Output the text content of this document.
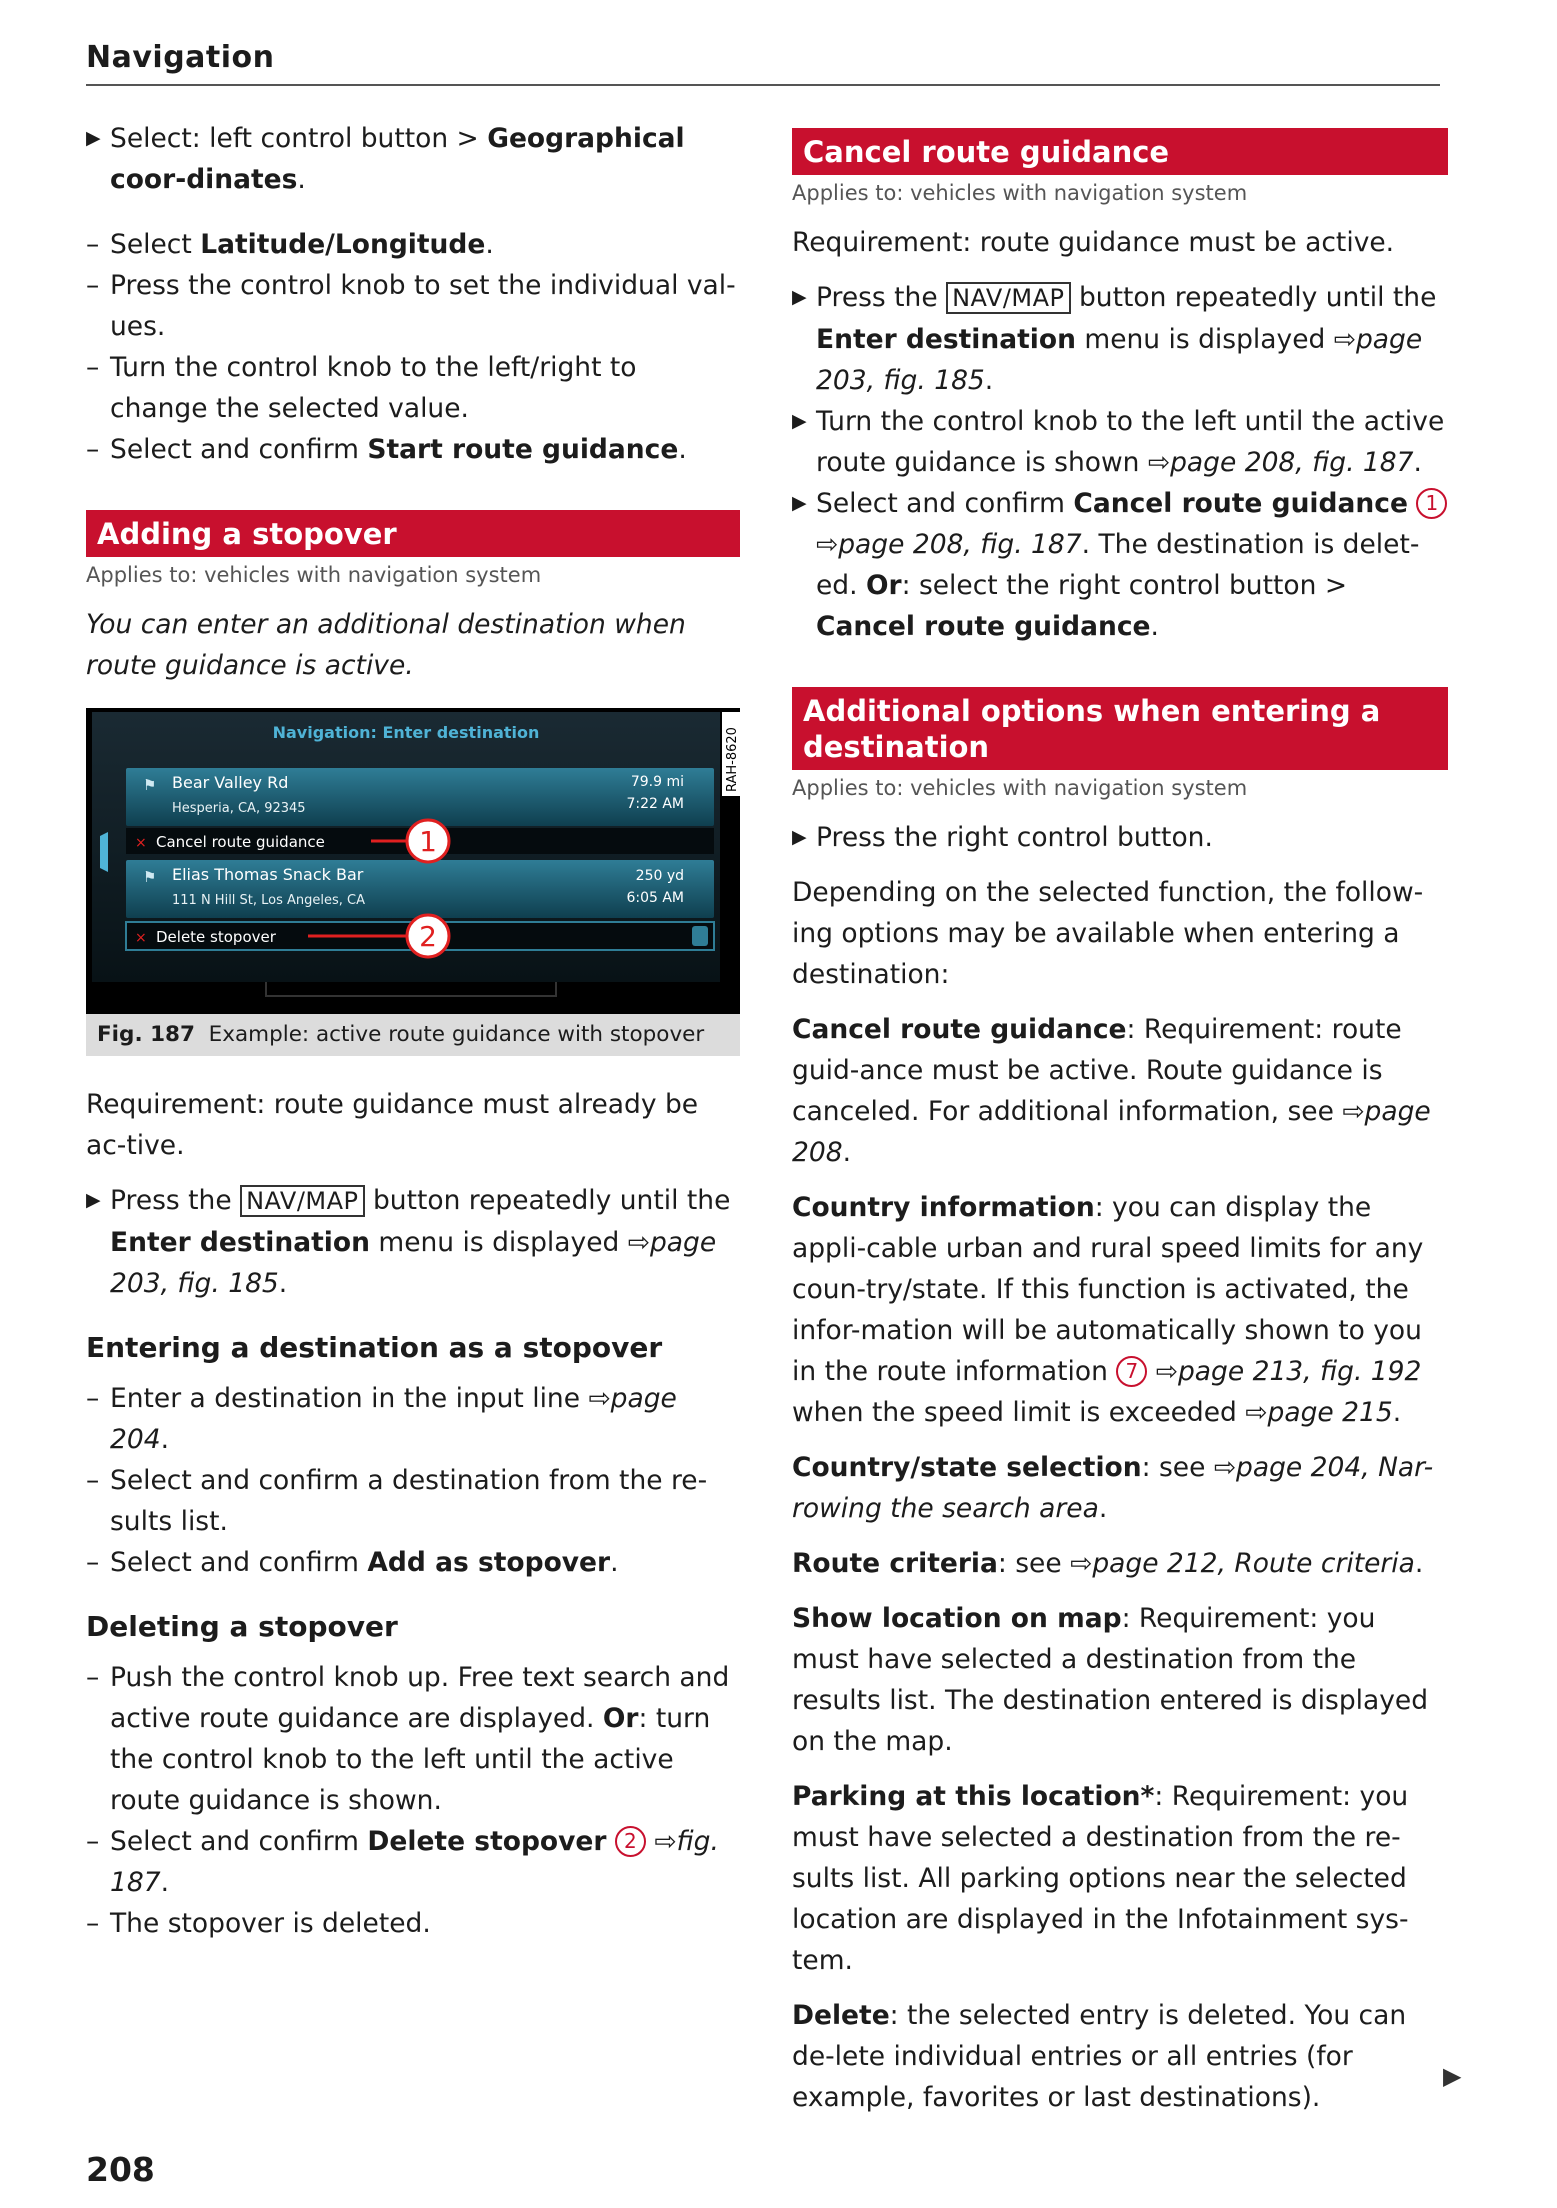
Navigation
▶ Select: left control button > Geographical coor-dinates.
– Select Latitude/Longitude.
– Press the control knob to set the individual val-ues.
– Turn the control knob to the left/right to change the selected value.
– Select and confirm Start route guidance.
Adding a stopover
Applies to: vehicles with navigation system

You can enter an additional destination when route guidance is active.

Navigation: Enter destination	RAH-8620
⚑ Bear Valley Rd
Hesperia, CA, 92345
79.9 mi
7:22 AM
× Cancel route guidance
⚑ Elias Thomas Snack Bar
111 N Hill St, Los Angeles, CA
250 yd
6:05 AM
× Delete stopover
1
2
Fig. 187 Example: active route guidance with stopover

Requirement: route guidance must already be ac-tive.

▶ Press the NAV/MAP button repeatedly until the Enter destination menu is displayed ⇨page 203, fig. 185.
Entering a destination as a stopover
– Enter a destination in the input line ⇨page 204.
– Select and confirm a destination from the re-sults list.
– Select and confirm Add as stopover.
Deleting a stopover
– Push the control knob up. Free text search and active route guidance are displayed. Or: turn the control knob to the left until the active route guidance is shown.
– Select and confirm Delete stopover 2 ⇨fig. 187.
– The stopover is deleted.
Cancel route guidance
Applies to: vehicles with navigation system

Requirement: route guidance must be active.

▶ Press the NAV/MAP button repeatedly until the Enter destination menu is displayed ⇨page 203, fig. 185.
▶ Turn the control knob to the left until the active route guidance is shown ⇨page 208, fig. 187.
▶ Select and confirm Cancel route guidance 1 ⇨page 208, fig. 187. The destination is delet-ed. Or: select the right control button > Cancel route guidance.
Additional options when entering a destination
Applies to: vehicles with navigation system
▶ Press the right control button.

Depending on the selected function, the follow-ing options may be available when entering a destination:

Cancel route guidance: Requirement: route guid-ance must be active. Route guidance is canceled. For additional information, see ⇨page 208.

Country information: you can display the appli-cable urban and rural speed limits for any coun-try/state. If this function is activated, the infor-mation will be automatically shown to you in the route information 7 ⇨page 213, fig. 192 when the speed limit is exceeded ⇨page 215.

Country/state selection: see ⇨page 204, Nar-rowing the search area.

Route criteria: see ⇨page 212, Route criteria.

Show location on map: Requirement: you must have selected a destination from the results list. The destination entered is displayed on the map.

Parking at this location*: Requirement: you must have selected a destination from the re-sults list. All parking options near the selected location are displayed in the Infotainment sys-tem.

Delete: the selected entry is deleted. You can de-lete individual entries or all entries (for example, favorites or last destinations).

▶
208
